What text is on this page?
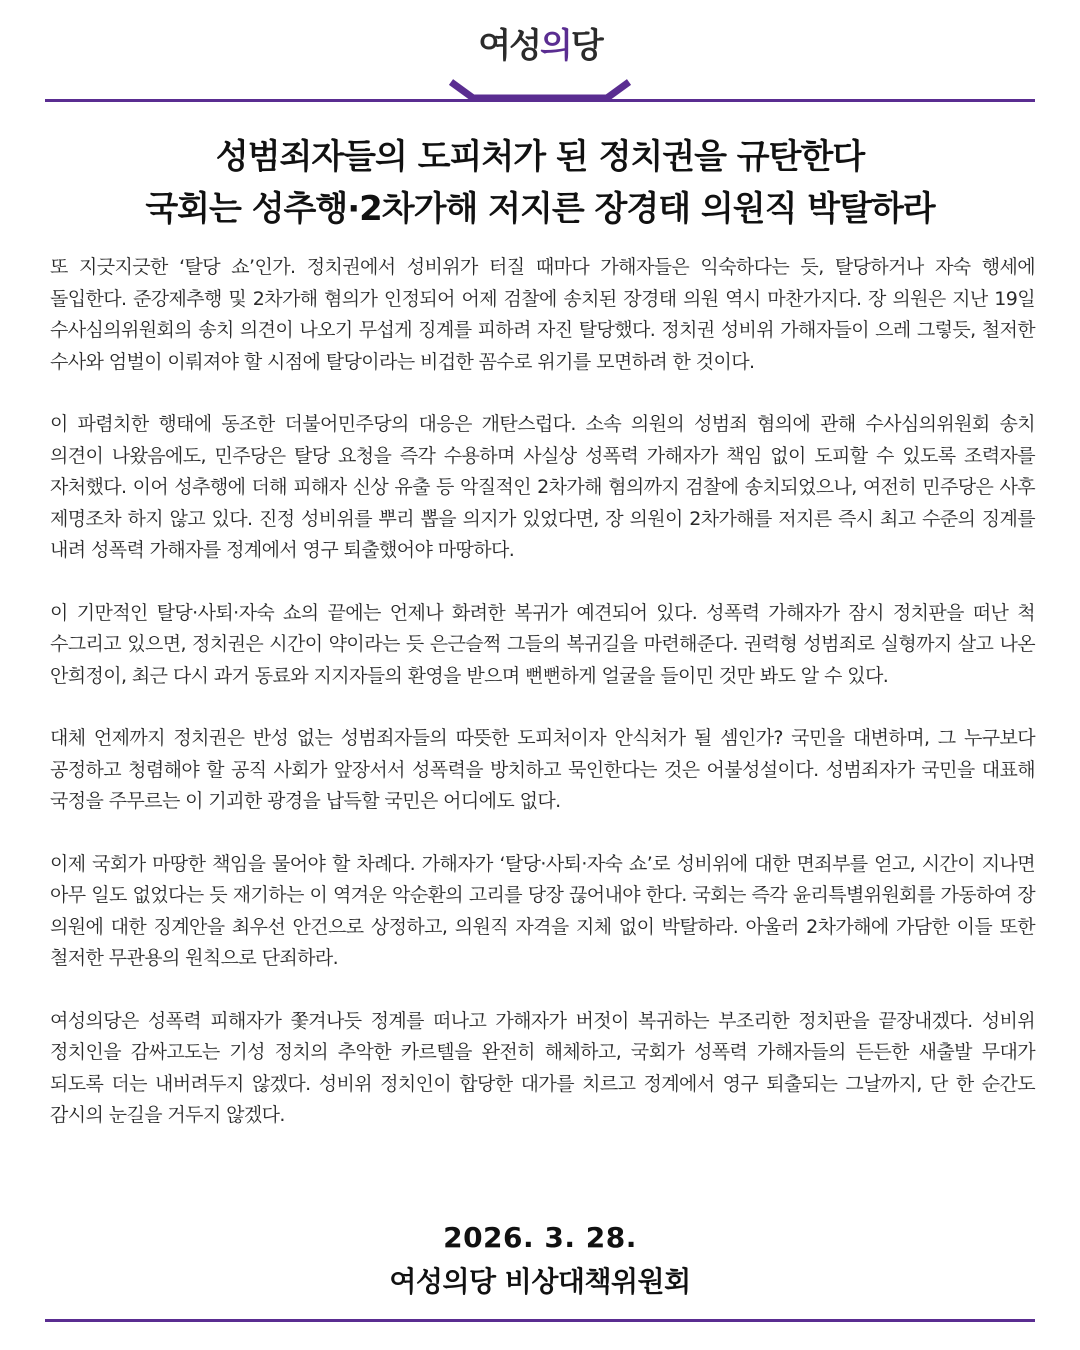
여성의당
성범죄자들의 도피처가 된 정치권을 규탄한다
국회는 성추행·2차가해 저지른 장경태 의원직 박탈하라

또 지긋지긋한 ‘탈당 쇼’인가. 정치권에서 성비위가 터질 때마다 가해자들은 익숙하다는 듯, 탈당하거나 자숙 행세에 돌입한다. 준강제추행 및 2차가해 혐의가 인정되어 어제 검찰에 송치된 장경태 의원 역시 마찬가지다. 장 의원은 지난 19일 수사심의위원회의 송치 의견이 나오기 무섭게 징계를 피하려 자진 탈당했다. 정치권 성비위 가해자들이 으레 그렇듯, 철저한 수사와 엄벌이 이뤄져야 할 시점에 탈당이라는 비겁한 꼼수로 위기를 모면하려 한 것이다.

이 파렴치한 행태에 동조한 더불어민주당의 대응은 개탄스럽다. 소속 의원의 성범죄 혐의에 관해 수사심의위원회 송치 의견이 나왔음에도, 민주당은 탈당 요청을 즉각 수용하며 사실상 성폭력 가해자가 책임 없이 도피할 수 있도록 조력자를 자처했다. 이어 성추행에 더해 피해자 신상 유출 등 악질적인 2차가해 혐의까지 검찰에 송치되었으나, 여전히 민주당은 사후 제명조차 하지 않고 있다. 진정 성비위를 뿌리 뽑을 의지가 있었다면, 장 의원이 2차가해를 저지른 즉시 최고 수준의 징계를 내려 성폭력 가해자를 정계에서 영구 퇴출했어야 마땅하다.

이 기만적인 탈당·사퇴·자숙 쇼의 끝에는 언제나 화려한 복귀가 예견되어 있다. 성폭력 가해자가 잠시 정치판을 떠난 척 수그리고 있으면, 정치권은 시간이 약이라는 듯 은근슬쩍 그들의 복귀길을 마련해준다. 권력형 성범죄로 실형까지 살고 나온 안희정이, 최근 다시 과거 동료와 지지자들의 환영을 받으며 뻔뻔하게 얼굴을 들이민 것만 봐도 알 수 있다.

대체 언제까지 정치권은 반성 없는 성범죄자들의 따뜻한 도피처이자 안식처가 될 셈인가? 국민을 대변하며, 그 누구보다 공정하고 청렴해야 할 공직 사회가 앞장서서 성폭력을 방치하고 묵인한다는 것은 어불성설이다. 성범죄자가 국민을 대표해 국정을 주무르는 이 기괴한 광경을 납득할 국민은 어디에도 없다.

이제 국회가 마땅한 책임을 물어야 할 차례다. 가해자가 ‘탈당·사퇴·자숙 쇼’로 성비위에 대한 면죄부를 얻고, 시간이 지나면 아무 일도 없었다는 듯 재기하는 이 역겨운 악순환의 고리를 당장 끊어내야 한다. 국회는 즉각 윤리특별위원회를 가동하여 장 의원에 대한 징계안을 최우선 안건으로 상정하고, 의원직 자격을 지체 없이 박탈하라. 아울러 2차가해에 가담한 이들 또한 철저한 무관용의 원칙으로 단죄하라.

여성의당은 성폭력 피해자가 쫓겨나듯 정계를 떠나고 가해자가 버젓이 복귀하는 부조리한 정치판을 끝장내겠다. 성비위 정치인을 감싸고도는 기성 정치의 추악한 카르텔을 완전히 해체하고, 국회가 성폭력 가해자들의 든든한 새출발 무대가 되도록 더는 내버려두지 않겠다. 성비위 정치인이 합당한 대가를 치르고 정계에서 영구 퇴출되는 그날까지, 단 한 순간도 감시의 눈길을 거두지 않겠다.

2026. 3. 28.
여성의당 비상대책위원회
